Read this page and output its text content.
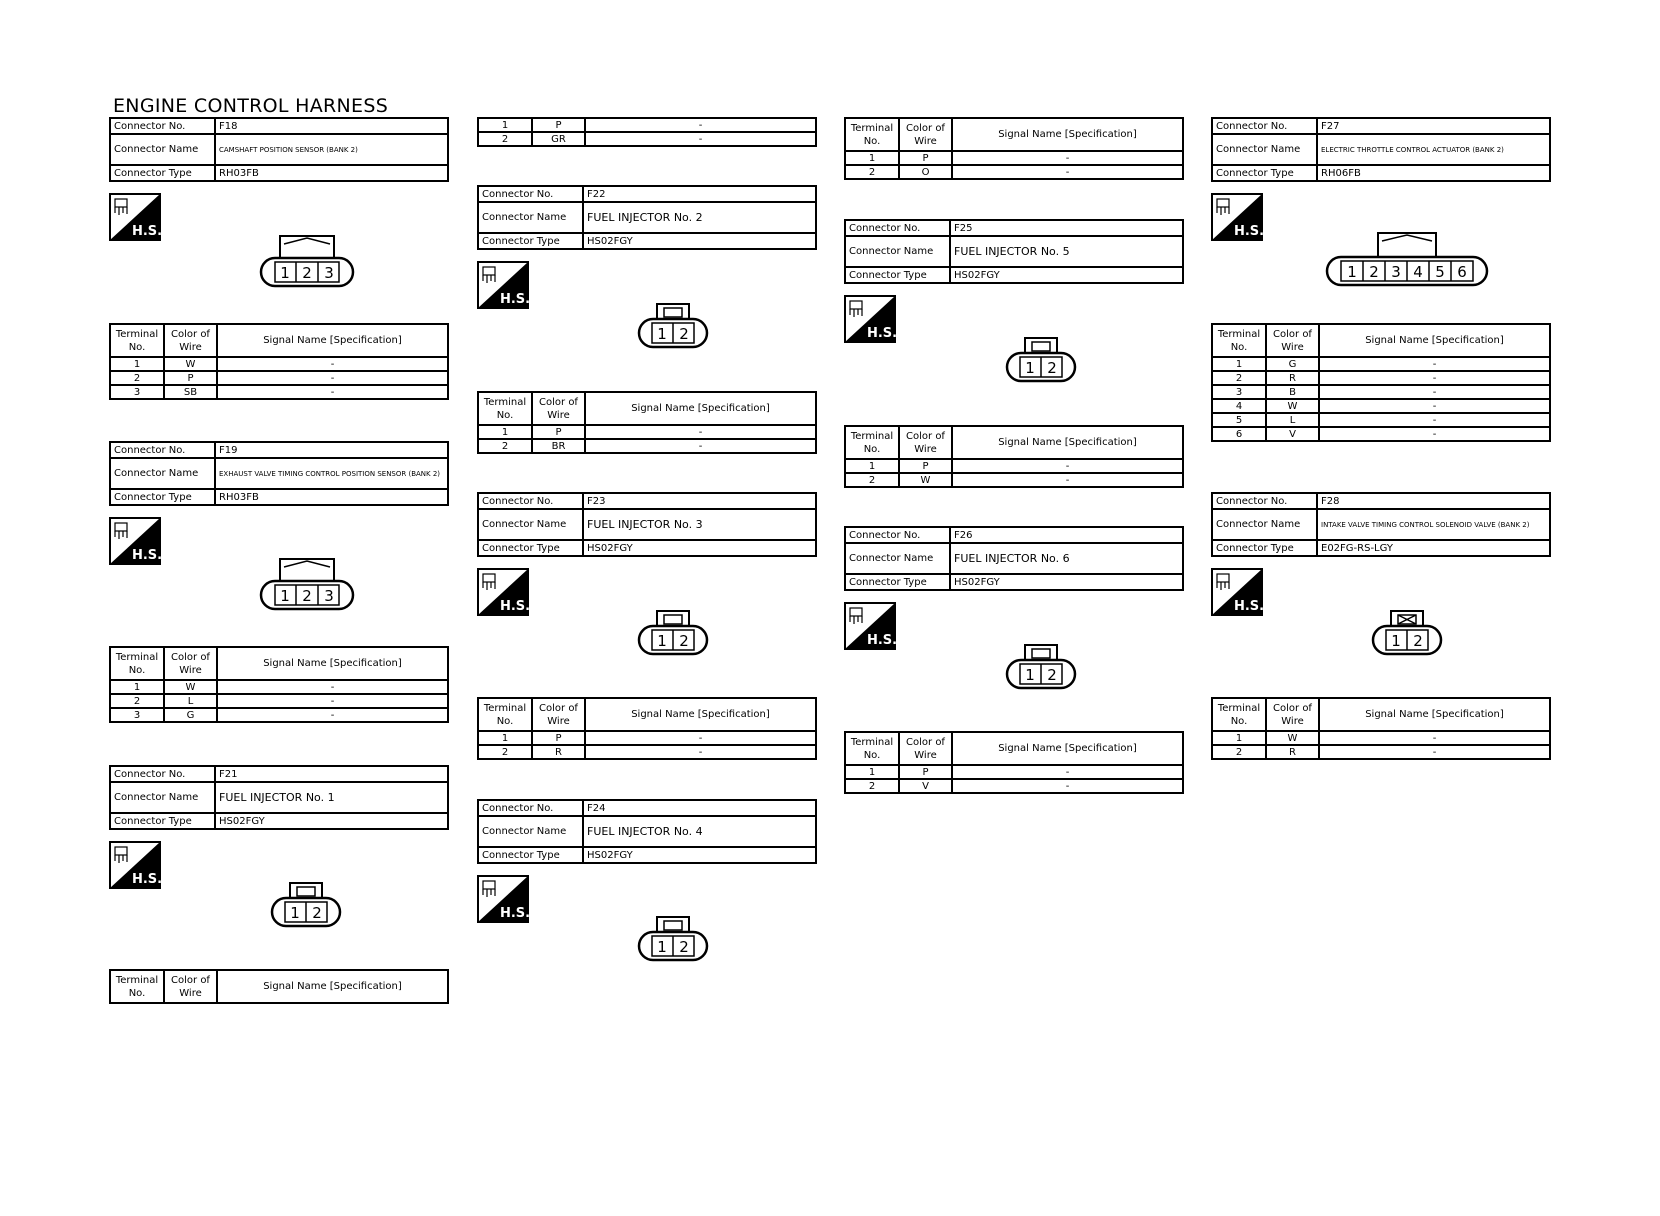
ENGINE CONTROL HARNESS
Connector No.	F18
Connector Name	CAMSHAFT POSITION SENSOR (BANK 2)
Connector Type	RH03FB
H.S.
1 2 3
Terminal No.	Color of Wire	Signal Name [Specification]
1	W	-
2	P	-
3	SB	-
Connector No.	F19
Connector Name	EXHAUST VALVE TIMING CONTROL POSITION SENSOR (BANK 2)
Connector Type	RH03FB
H.S.
1 2 3
Terminal No.	Color of Wire	Signal Name [Specification]
1	W	-
2	L	-
3	G	-
Connector No.	F21
Connector Name	FUEL INJECTOR No. 1
Connector Type	HS02FGY
H.S.
1 2
Terminal No.	Color of Wire	Signal Name [Specification]
1	P	-
2	GR	-
Connector No.	F22
Connector Name	FUEL INJECTOR No. 2
Connector Type	HS02FGY
H.S.
1 2
Terminal No.	Color of Wire	Signal Name [Specification]
1	P	-
2	BR	-
Connector No.	F23
Connector Name	FUEL INJECTOR No. 3
Connector Type	HS02FGY
H.S.
1 2
Terminal No.	Color of Wire	Signal Name [Specification]
1	P	-
2	R	-
Connector No.	F24
Connector Name	FUEL INJECTOR No. 4
Connector Type	HS02FGY
H.S.
1 2
Terminal No.	Color of Wire	Signal Name [Specification]
1	P	-
2	O	-
Connector No.	F25
Connector Name	FUEL INJECTOR No. 5
Connector Type	HS02FGY
H.S.
1 2
Terminal No.	Color of Wire	Signal Name [Specification]
1	P	-
2	W	-
Connector No.	F26
Connector Name	FUEL INJECTOR No. 6
Connector Type	HS02FGY
H.S.
1 2
Terminal No.	Color of Wire	Signal Name [Specification]
1	P	-
2	V	-
Connector No.	F27
Connector Name	ELECTRIC THROTTLE CONTROL ACTUATOR (BANK 2)
Connector Type	RH06FB
H.S.
1 2 3 4 5 6
Terminal No.	Color of Wire	Signal Name [Specification]
1	G	-
2	R	-
3	B	-
4	W	-
5	L	-
6	V	-
Connector No.	F28
Connector Name	INTAKE VALVE TIMING CONTROL SOLENOID VALVE (BANK 2)
Connector Type	E02FG-RS-LGY
H.S.
1 2
Terminal No.	Color of Wire	Signal Name [Specification]
1	W	-
2	R	-
